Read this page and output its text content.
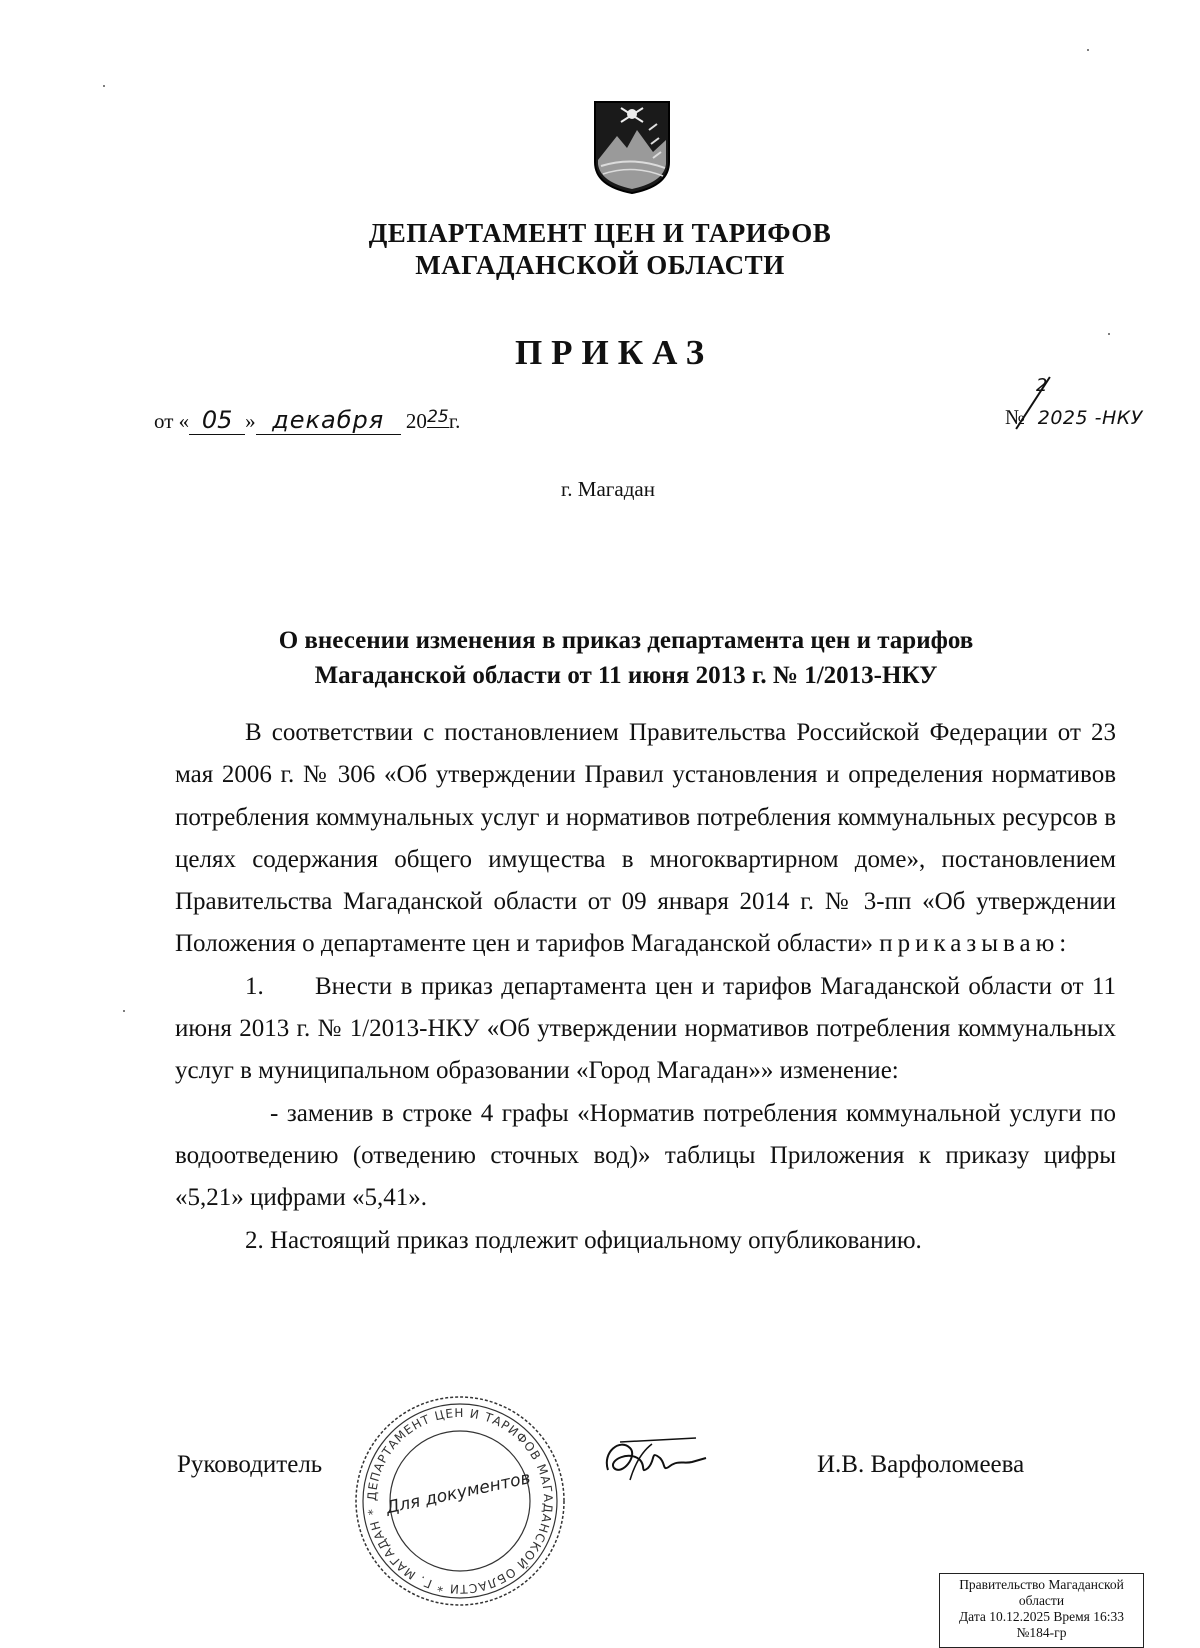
ДЕПАРТАМЕНТ ЦЕН И ТАРИФОВ
МАГАДАНСКОЙ ОБЛАСТИ
ПРИКАЗ
от « 05 » декабря 2025г.
2
№ 2025 -НКУ
г. Магадан
О внесении изменения в приказ департамента цен и тарифов
Магаданской области от 11 июня 2013 г. № 1/2013-НКУ

В соответствии с постановлением Правительства Российской Федерации от 23 мая 2006 г. № 306 «Об утверждении Правил установления и определения нормативов потребления коммунальных услуг и нормативов потребления коммунальных ресурсов в целях содержания общего имущества в многоквартирном доме», постановлением Правительства Магаданской области от 09 января 2014 г. № 3-пп «Об утверждении Положения о департаменте цен и тарифов Магаданской области» приказываю:

1. Внести в приказ департамента цен и тарифов Магаданской области от 11 июня 2013 г. № 1/2013-НКУ «Об утверждении нормативов потребления коммунальных услуг в муниципальном образовании «Город Магадан»» изменение:

- заменив в строке 4 графы «Норматив потребления коммунальной услуги по водоотведению (отведению сточных вод)» таблицы Приложения к приказу цифры «5,21» цифрами «5,41».

2. Настоящий приказ подлежит официальному опубликованию.

Руководитель
ДЕПАРТАМЕНТ ЦЕН И ТАРИФОВ МАГАДАНСКОЙ ОБЛАСТИ * Г. МАГАДАН * Для документов
И.В. Варфоломеева
Правительство Магаданской
области
Дата 10.12.2025 Время 16:33
№184-гр
